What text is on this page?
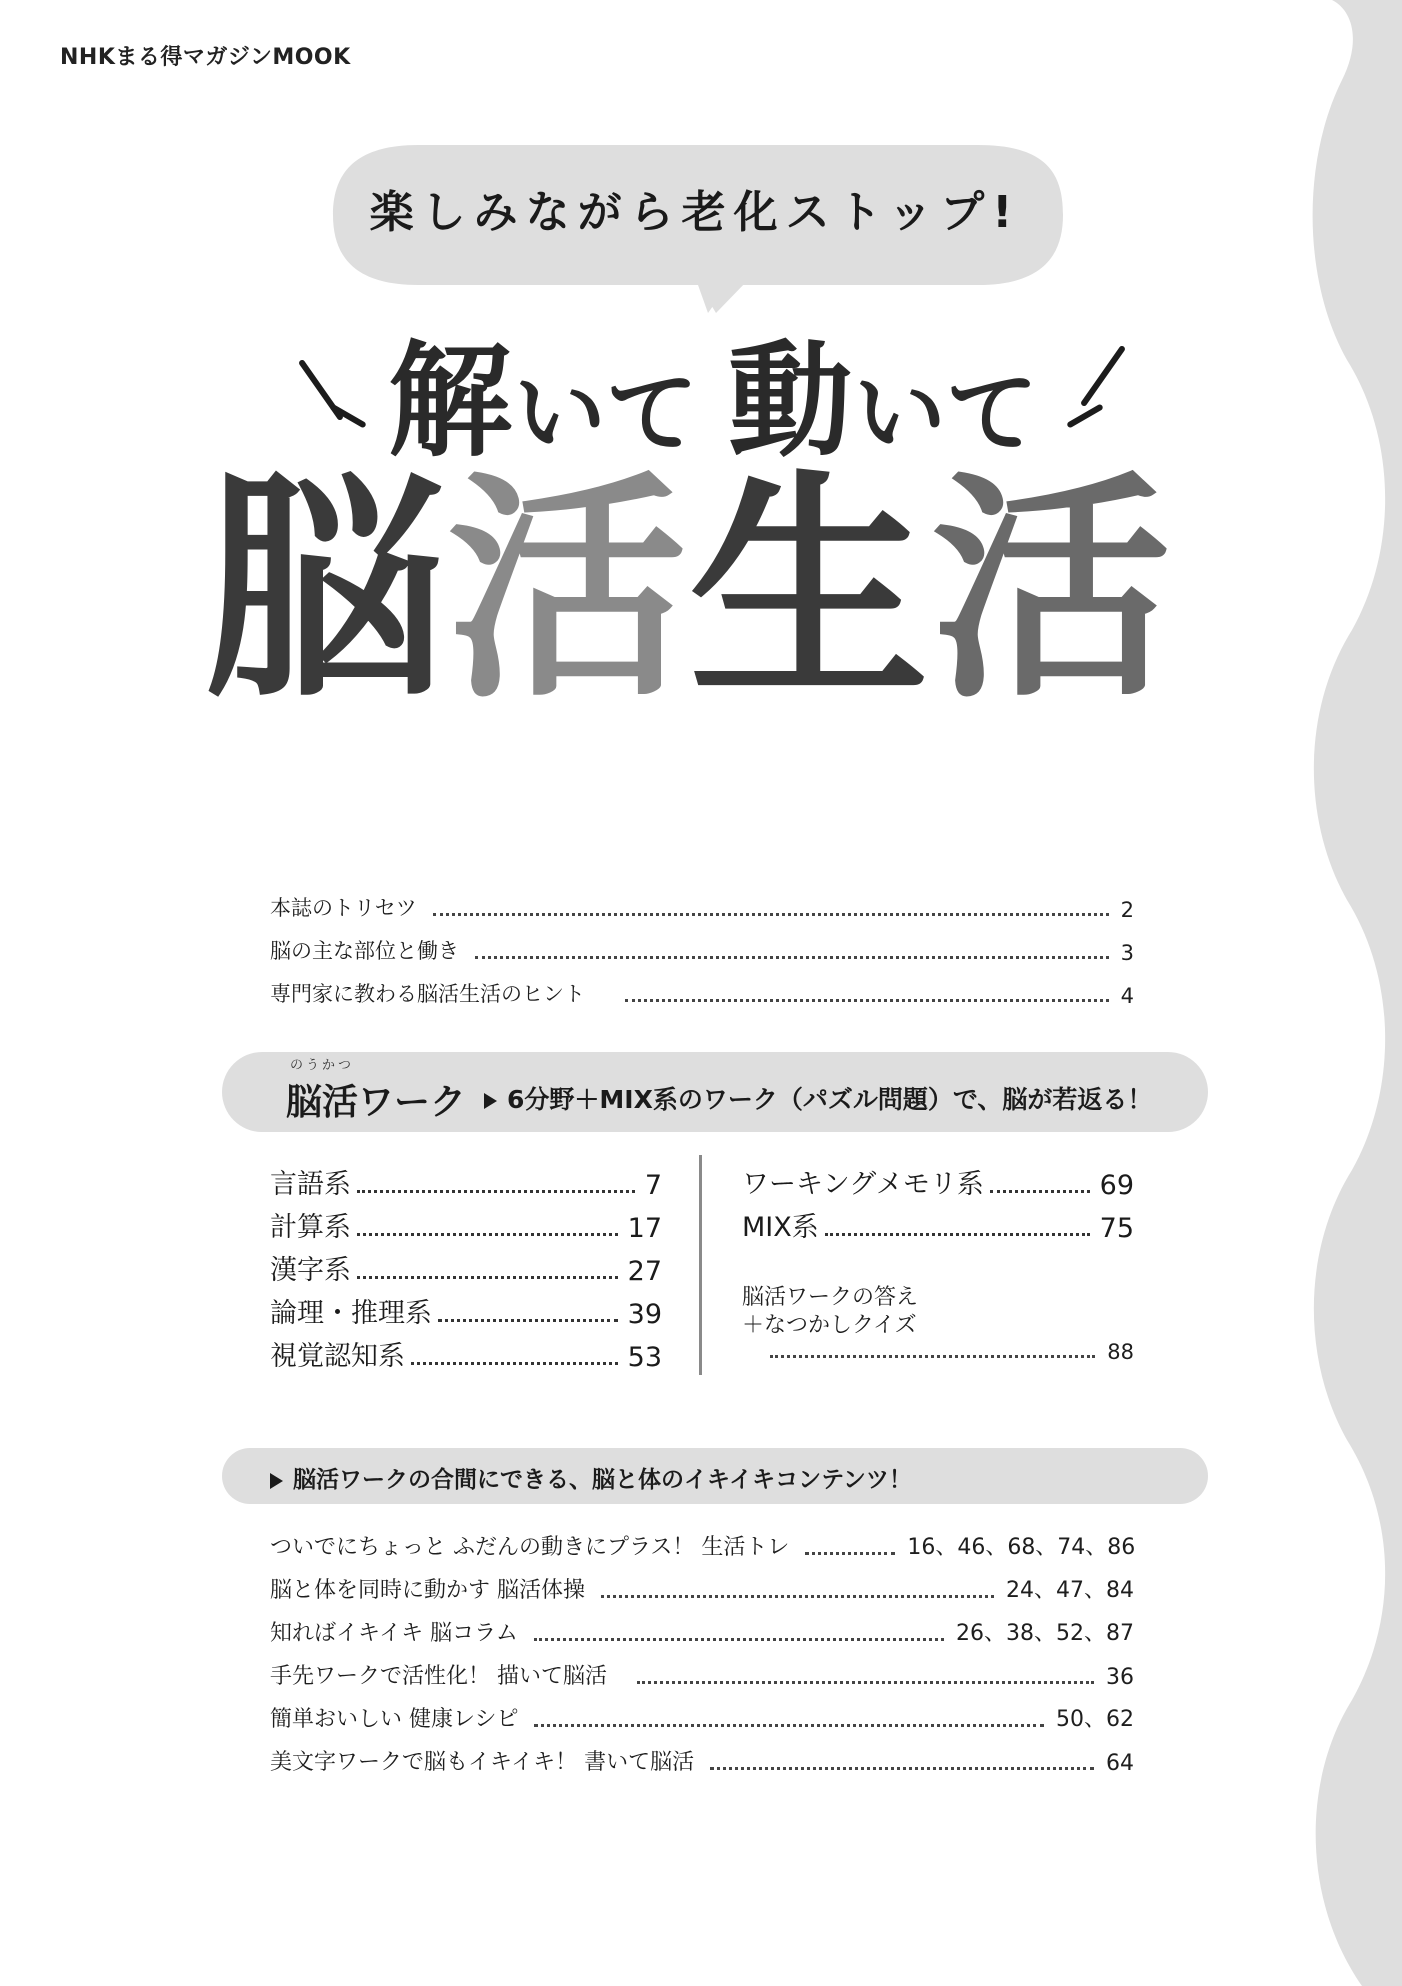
NHKまる得マガジンMOOK
楽しみながら老化ストップ!
解 いて 動 いて
脳活生活
本誌のトリセツ	2
脳の主な部位と働き	3
専門家に教わる脳活生活のヒント	4
のうかつ
脳活ワーク	6分野＋MIX系のワーク（パズル問題）で、脳が若返る！
言語系	7
計算系	17
漢字系	27
論理・推理系	39
視覚認知系	53
ワーキングメモリ系	69
MIX系	75
脳活ワークの答え
＋なつかしクイズ
88
脳活ワークの合間にできる、脳と体のイキイキコンテンツ！
ついでにちょっと ふだんの動きにプラス！ 生活トレ	16、46、68、74、86
脳と体を同時に動かす 脳活体操	24、47、84
知ればイキイキ 脳コラム	26、38、52、87
手先ワークで活性化！ 描いて脳活	36
簡単おいしい 健康レシピ	50、62
美文字ワークで脳もイキイキ！ 書いて脳活	64
